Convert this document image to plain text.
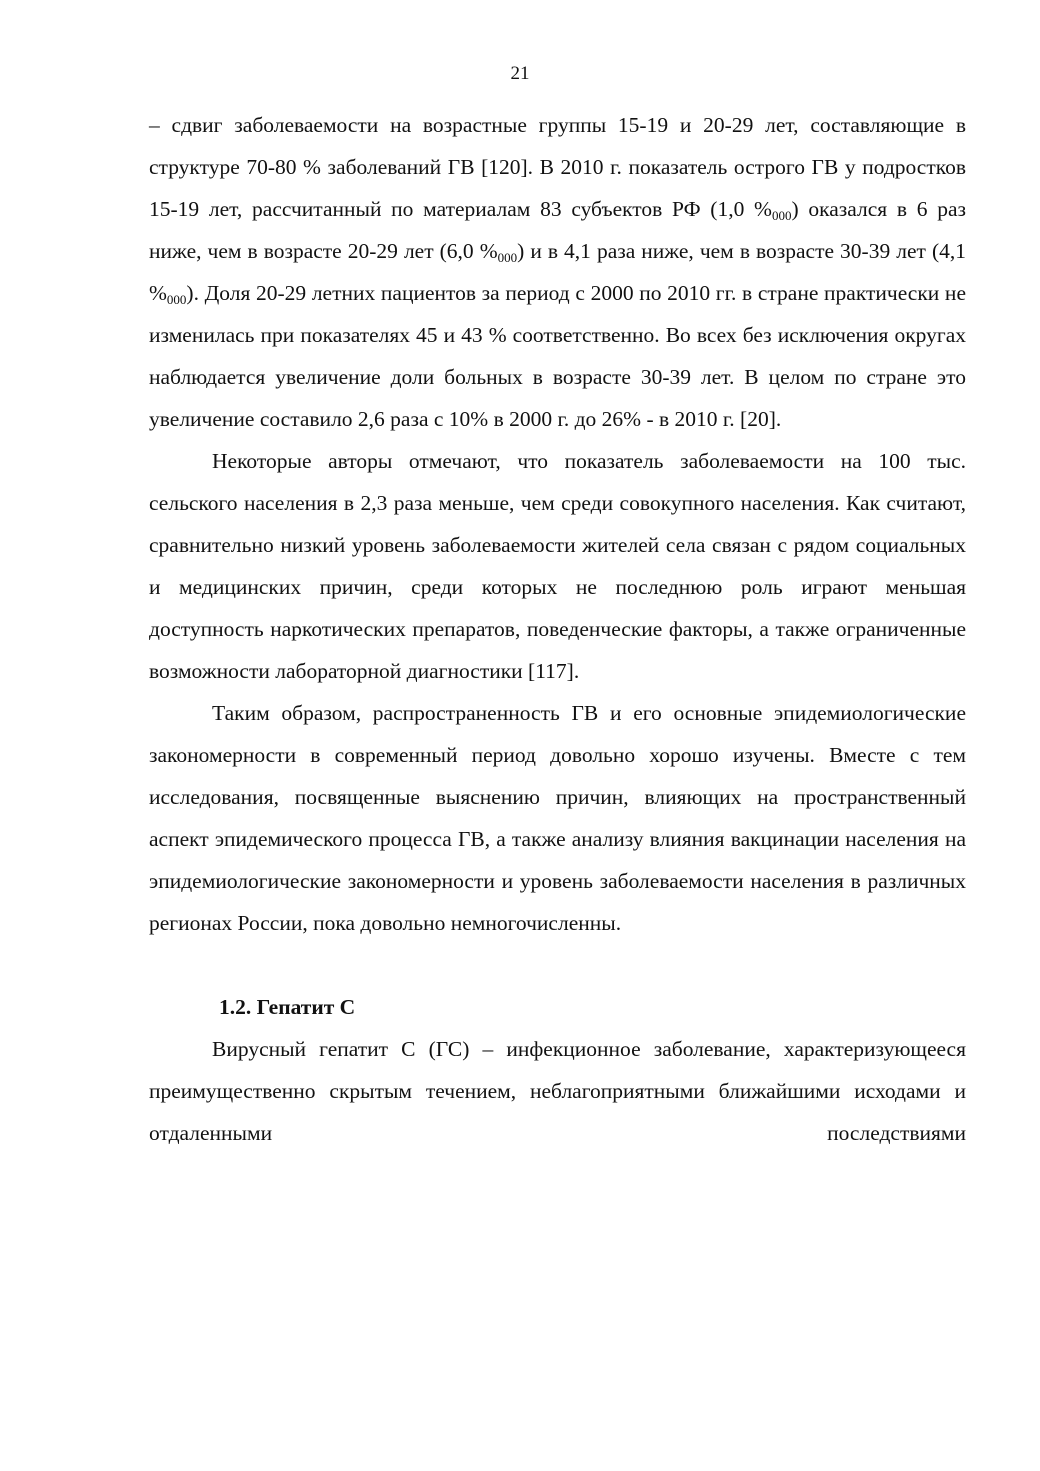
21

– сдвиг заболеваемости на возрастные группы 15-19 и 20-29 лет, составляющие в структуре 70-80 % заболеваний ГВ [120]. В 2010 г. показатель острого ГВ у подростков 15-19 лет, рассчитанный по материалам 83 субъектов РФ (1,0 $\%_{000}$) оказался в 6 раз ниже, чем в возрасте 20-29 лет (6,0 $\%_{000}$) и в 4,1 раза ниже, чем в возрасте 30-39 лет (4,1 $\%_{000}$). Доля 20-29 летних пациентов за период с 2000 по 2010 гг. в стране практически не изменилась при показателях 45 и 43 % соответственно. Во всех без исключения округах наблюдается увеличение доли больных в возрасте 30-39 лет. В целом по стране это увеличение составило 2,6 раза с 10% в 2000 г. до 26% - в 2010 г. [20].

Некоторые авторы отмечают, что показатель заболеваемости на 100 тыс. сельского населения в 2,3 раза меньше, чем среди совокупного населения. Как считают, сравнительно низкий уровень заболеваемости жителей села связан с рядом социальных и медицинских причин, среди которых не последнюю роль играют меньшая доступность наркотических препаратов, поведенческие факторы, а также ограниченные возможности лабораторной диагностики [117].

Таким образом, распространенность ГВ и его основные эпидемиологические закономерности в современный период довольно хорошо изучены. Вместе с тем исследования, посвященные выяснению причин, влияющих на пространственный аспект эпидемического процесса ГВ, а также анализу влияния вакцинации населения на эпидемиологические закономерности и уровень заболеваемости населения в различных регионах России, пока довольно немногочисленны.

1.2. Гепатит С

Вирусный гепатит С (ГС) – инфекционное заболевание, характеризующееся преимущественно скрытым течением, неблагоприятными ближайшими исходами и отдаленными последствиями
